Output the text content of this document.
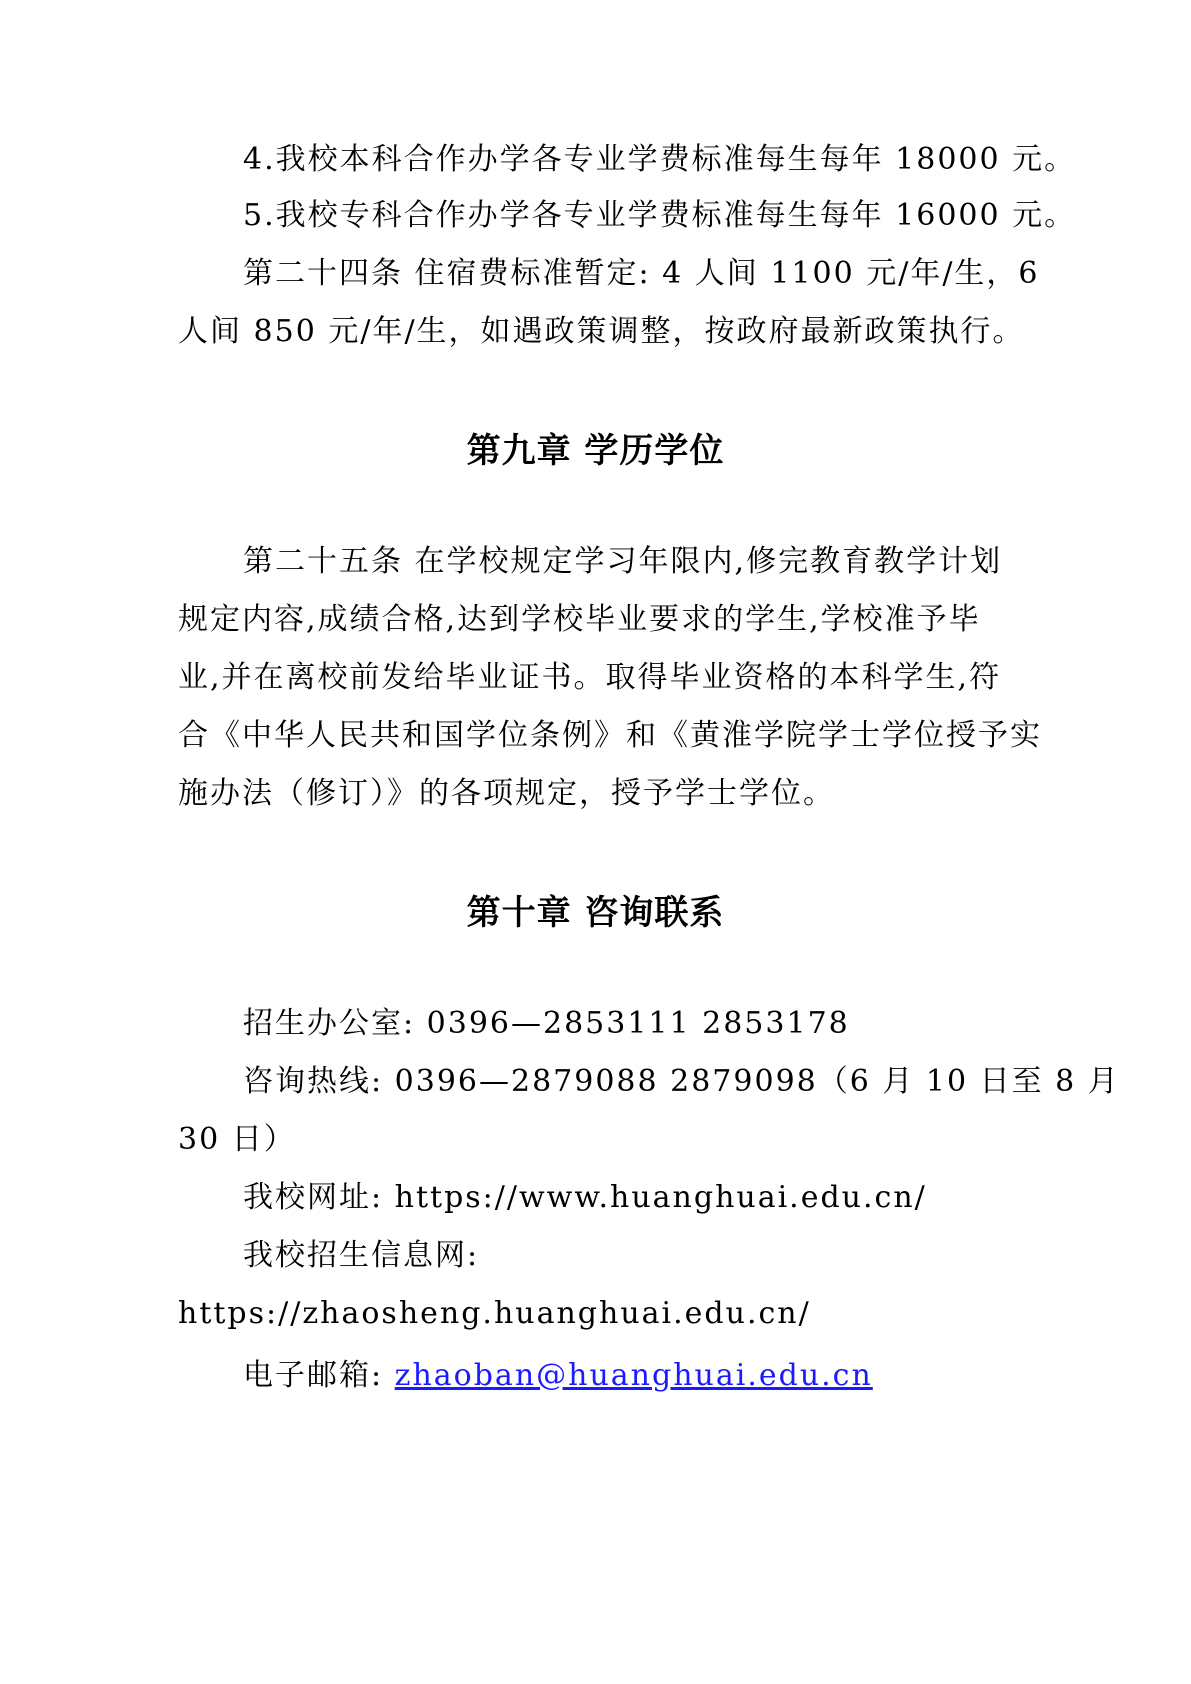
4.我校本科合作办学各专业学费标准每生每年 18000 元。
5.我校专科合作办学各专业学费标准每生每年 16000 元。
第二十四条 住宿费标准暂定: 4 人间 1100 元/年/生，6
人间 850 元/年/生，如遇政策调整，按政府最新政策执行。
第九章 学历学位
第二十五条 在学校规定学习年限内,修完教育教学计划
规定内容,成绩合格,达到学校毕业要求的学生,学校准予毕
业,并在离校前发给毕业证书。取得毕业资格的本科学生,符
合《中华人民共和国学位条例》和《黄淮学院学士学位授予实
施办法（修订）》的各项规定，授予学士学位。
第十章 咨询联系
招生办公室: 0396—2853111 2853178
咨询热线: 0396—2879088 2879098（6 月 10 日至 8 月
30 日）
我校网址: https://www.huanghuai.edu.cn/
我校招生信息网:
https://zhaosheng.huanghuai.edu.cn/
电子邮箱: zhaoban@huanghuai.edu.cn
